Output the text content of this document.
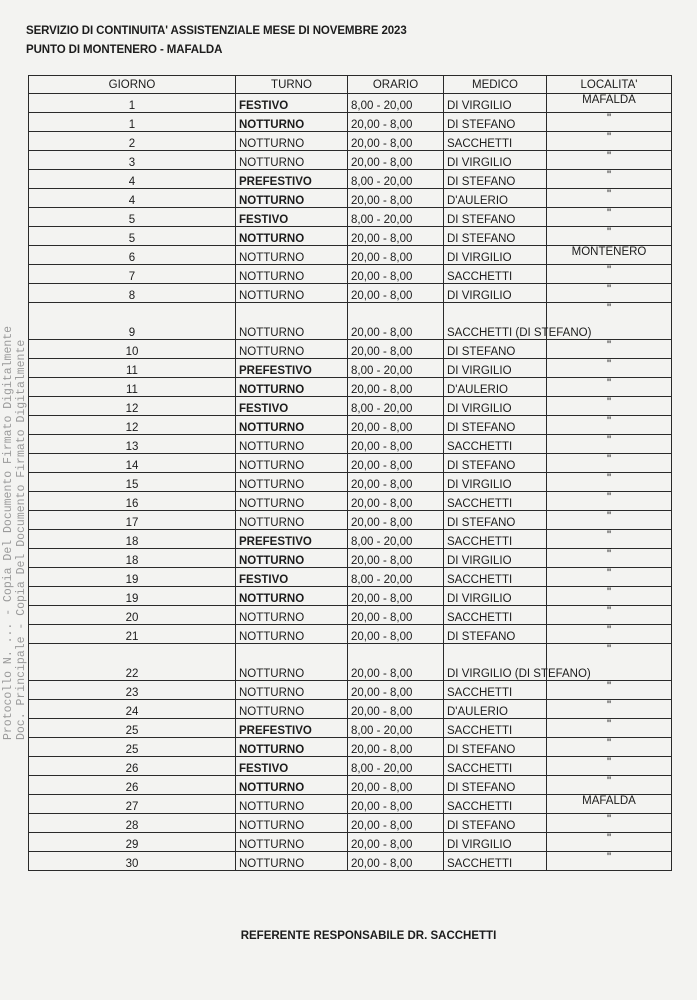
SERVIZIO DI CONTINUITA' ASSISTENZIALE MESE DI NOVEMBRE 2023
PUNTO DI MONTENERO - MAFALDA
Protocollo N. ... - Copia Del Documento Firmato Digitalmente Doc. Principale - Copia Del Documento Firmato Digitalmente
GIORNO	TURNO	ORARIO	MEDICO	LOCALITA'
1	FESTIVO	8,00 - 20,00	DI VIRGILIO	MAFALDA
1	NOTTURNO	20,00 - 8,00	DI STEFANO	"
2	NOTTURNO	20,00 - 8,00	SACCHETTI	"
3	NOTTURNO	20,00 - 8,00	DI VIRGILIO	"
4	PREFESTIVO	8,00 - 20,00	DI STEFANO	"
4	NOTTURNO	20,00 - 8,00	D'AULERIO	"
5	FESTIVO	8,00 - 20,00	DI STEFANO	"
5	NOTTURNO	20,00 - 8,00	DI STEFANO	"
6	NOTTURNO	20,00 - 8,00	DI VIRGILIO	MONTENERO
7	NOTTURNO	20,00 - 8,00	SACCHETTI	"
8	NOTTURNO	20,00 - 8,00	DI VIRGILIO	"
9	NOTTURNO	20,00 - 8,00	SACCHETTI (DI STEFANO)	"
10	NOTTURNO	20,00 - 8,00	DI STEFANO	"
11	PREFESTIVO	8,00 - 20,00	DI VIRGILIO	"
11	NOTTURNO	20,00 - 8,00	D'AULERIO	"
12	FESTIVO	8,00 - 20,00	DI VIRGILIO	"
12	NOTTURNO	20,00 - 8,00	DI STEFANO	"
13	NOTTURNO	20,00 - 8,00	SACCHETTI	"
14	NOTTURNO	20,00 - 8,00	DI STEFANO	"
15	NOTTURNO	20,00 - 8,00	DI VIRGILIO	"
16	NOTTURNO	20,00 - 8,00	SACCHETTI	"
17	NOTTURNO	20,00 - 8,00	DI STEFANO	"
18	PREFESTIVO	8,00 - 20,00	SACCHETTI	"
18	NOTTURNO	20,00 - 8,00	DI VIRGILIO	"
19	FESTIVO	8,00 - 20,00	SACCHETTI	"
19	NOTTURNO	20,00 - 8,00	DI VIRGILIO	"
20	NOTTURNO	20,00 - 8,00	SACCHETTI	"
21	NOTTURNO	20,00 - 8,00	DI STEFANO	"
22	NOTTURNO	20,00 - 8,00	DI VIRGILIO (DI STEFANO)	"
23	NOTTURNO	20,00 - 8,00	SACCHETTI	"
24	NOTTURNO	20,00 - 8,00	D'AULERIO	"
25	PREFESTIVO	8,00 - 20,00	SACCHETTI	"
25	NOTTURNO	20,00 - 8,00	DI STEFANO	"
26	FESTIVO	8,00 - 20,00	SACCHETTI	"
26	NOTTURNO	20,00 - 8,00	DI STEFANO	"
27	NOTTURNO	20,00 - 8,00	SACCHETTI	MAFALDA
28	NOTTURNO	20,00 - 8,00	DI STEFANO	"
29	NOTTURNO	20,00 - 8,00	DI VIRGILIO	"
30	NOTTURNO	20,00 - 8,00	SACCHETTI	"
REFERENTE RESPONSABILE DR. SACCHETTI
